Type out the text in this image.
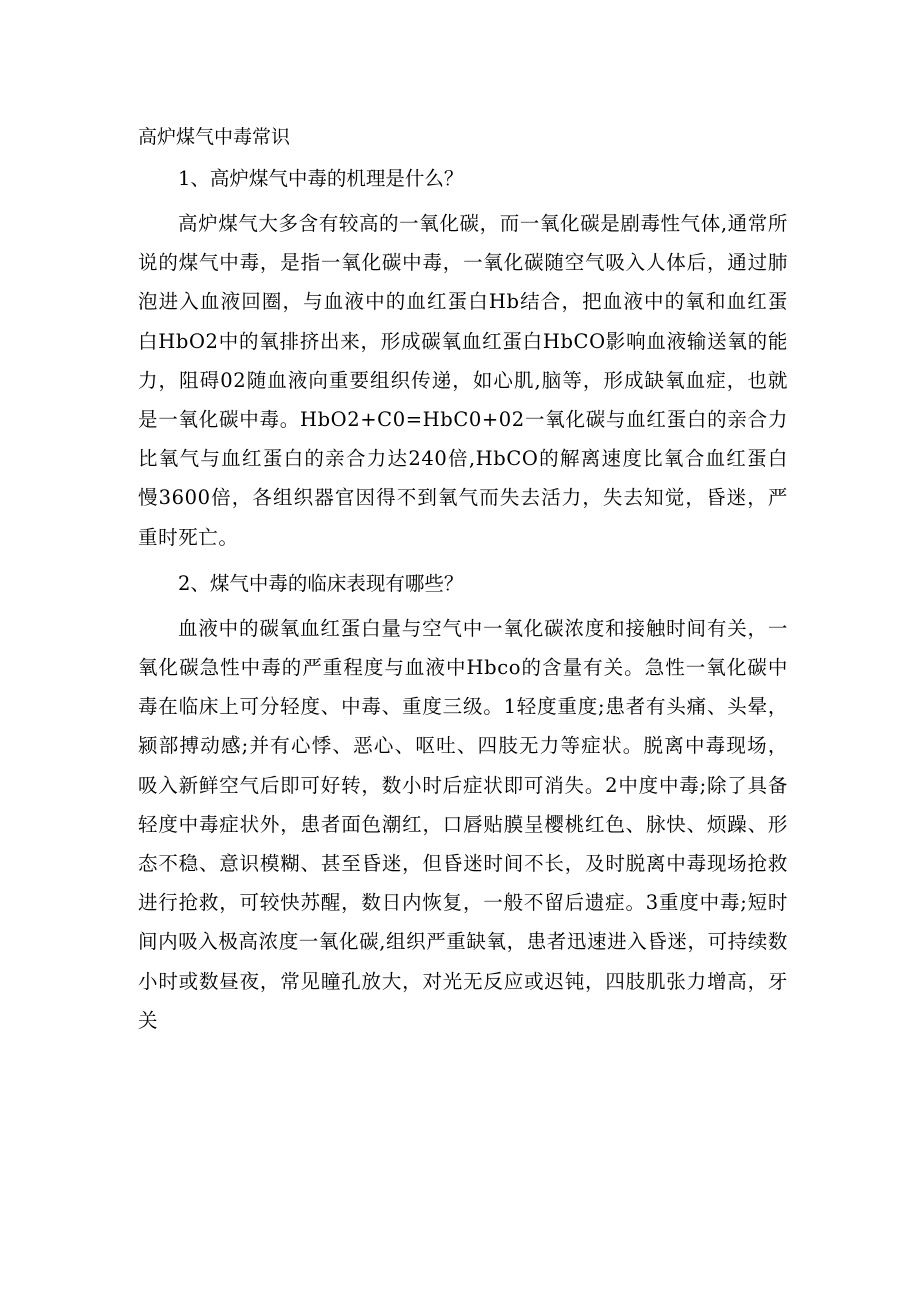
高炉煤气中毒常识

1、高炉煤气中毒的机理是什么？

高炉煤气大多含有较高的一氧化碳，而一氧化碳是剧毒性气体,通常所说的煤气中毒，是指一氧化碳中毒，一氧化碳随空气吸入人体后，通过肺泡进入血液回圈，与血液中的血红蛋白Hb结合，把血液中的氧和血红蛋白HbO2中的氧排挤出来，形成碳氧血红蛋白HbCO影响血液输送氧的能力，阻碍02随血液向重要组织传递，如心肌,脑等，形成缺氧血症，也就是一氧化碳中毒。HbO2+C0=HbC0+02一氧化碳与血红蛋白的亲合力比氧气与血红蛋白的亲合力达240倍,HbCO的解离速度比氧合血红蛋白慢3600倍，各组织器官因得不到氧气而失去活力，失去知觉，昏迷，严重时死亡。

2、煤气中毒的临床表现有哪些？

血液中的碳氧血红蛋白量与空气中一氧化碳浓度和接触时间有关，一氧化碳急性中毒的严重程度与血液中Hbco的含量有关。急性一氧化碳中毒在临床上可分轻度、中毒、重度三级。1轻度重度;患者有头痛、头晕，颍部搏动感;并有心悸、恶心、呕吐、四肢无力等症状。脱离中毒现场，吸入新鲜空气后即可好转，数小时后症状即可消失。2中度中毒;除了具备轻度中毒症状外，患者面色潮红，口唇贴膜呈樱桃红色、脉快、烦躁、形态不稳、意识模糊、甚至昏迷，但昏迷时间不长，及时脱离中毒现场抢救进行抢救，可较快苏醒，数日内恢复，一般不留后遗症。3重度中毒;短时间内吸入极高浓度一氧化碳,组织严重缺氧，患者迅速进入昏迷，可持续数小时或数昼夜，常见瞳孔放大，对光无反应或迟钝，四肢肌张力增高，牙关
